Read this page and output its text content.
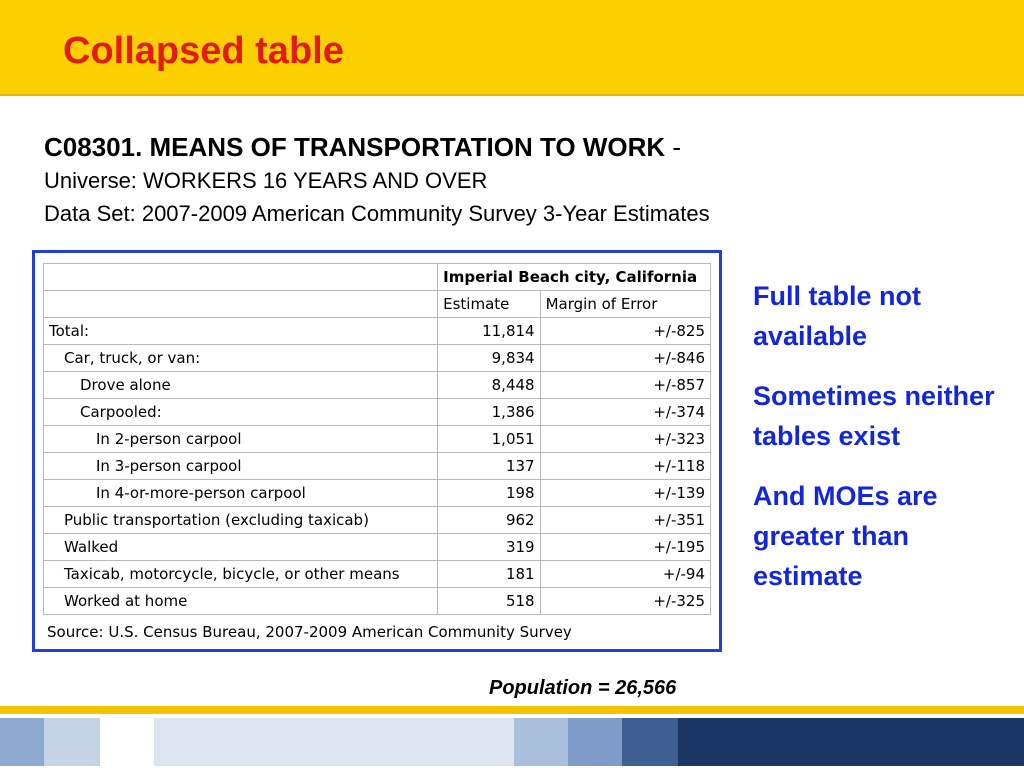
Collapsed table
C08301. MEANS OF TRANSPORTATION TO WORK -
Universe: WORKERS 16 YEARS AND OVER
Data Set: 2007-2009 American Community Survey 3-Year Estimates
	Imperial Beach city, California	
	Estimate	Margin of Error
Total:	11,814	+/-825
Car, truck, or van:	9,834	+/-846
Drove alone	8,448	+/-857
Carpooled:	1,386	+/-374
In 2-person carpool	1,051	+/-323
In 3-person carpool	137	+/-118
In 4-or-more-person carpool	198	+/-139
Public transportation (excluding taxicab)	962	+/-351
Walked	319	+/-195
Taxicab, motorcycle, bicycle, or other means	181	+/-94
Worked at home	518	+/-325
Source: U.S. Census Bureau, 2007-2009 American Community Survey

Full table not available

Sometimes neither tables exist

And MOEs are greater than estimate

Population = 26,566
